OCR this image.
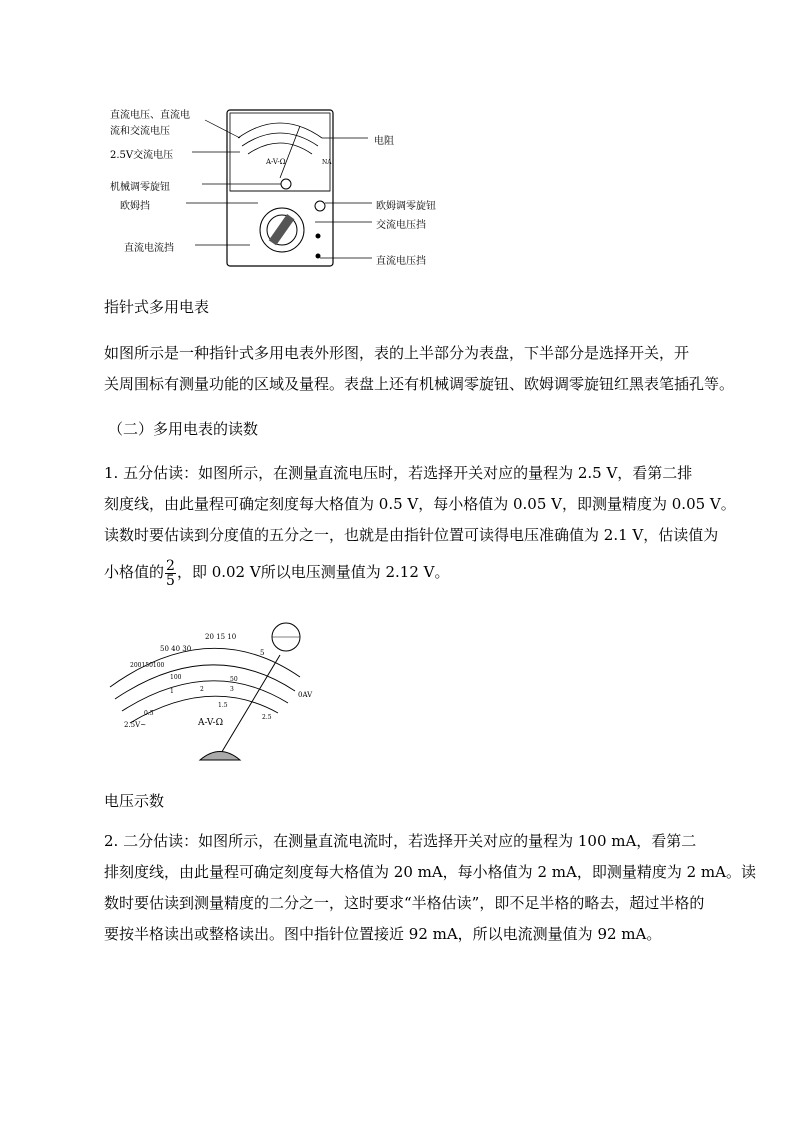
A-V-Ω	NA
直流电压、直流电
流和交流电压
2.5V交流电压
机械调零旋钮
欧姆挡
直流电流挡
电阻
欧姆调零旋钮
交流电压挡
直流电压挡
指针式多用电表
如图所示是一种指针式多用电表外形图，表的上半部分为表盘，下半部分是选择开关，开
关周围标有测量功能的区域及量程。表盘上还有机械调零旋钮、欧姆调零旋钮红黑表笔插孔等。
（二）多用电表的读数
1. 五分估读：如图所示，在测量直流电压时，若选择开关对应的量程为 2.5 V，看第二排
刻度线，由此量程可确定刻度每大格值为 0.5 V，每小格值为 0.05 V，即测量精度为 0.05 V。
读数时要估读到分度值的五分之一，也就是由指针位置可读得电压准确值为 2.1 V，估读值为
小格值的 $\frac{2}{5}$ ，即 0.02 V所以电压测量值为 2.12 V。
A-V-Ω
2.5V~
0AV
50 40 30
20 15 10
5
200150100
100	50
1	2	3
0.5
1.5
2.5
电压示数
2. 二分估读：如图所示，在测量直流电流时，若选择开关对应的量程为 100 mA，看第二
排刻度线，由此量程可确定刻度每大格值为 20 mA，每小格值为 2 mA，即测量精度为 2 mA。读
数时要估读到测量精度的二分之一，这时要求“半格估读”，即不足半格的略去，超过半格的
要按半格读出或整格读出。图中指针位置接近 92 mA，所以电流测量值为 92 mA。
